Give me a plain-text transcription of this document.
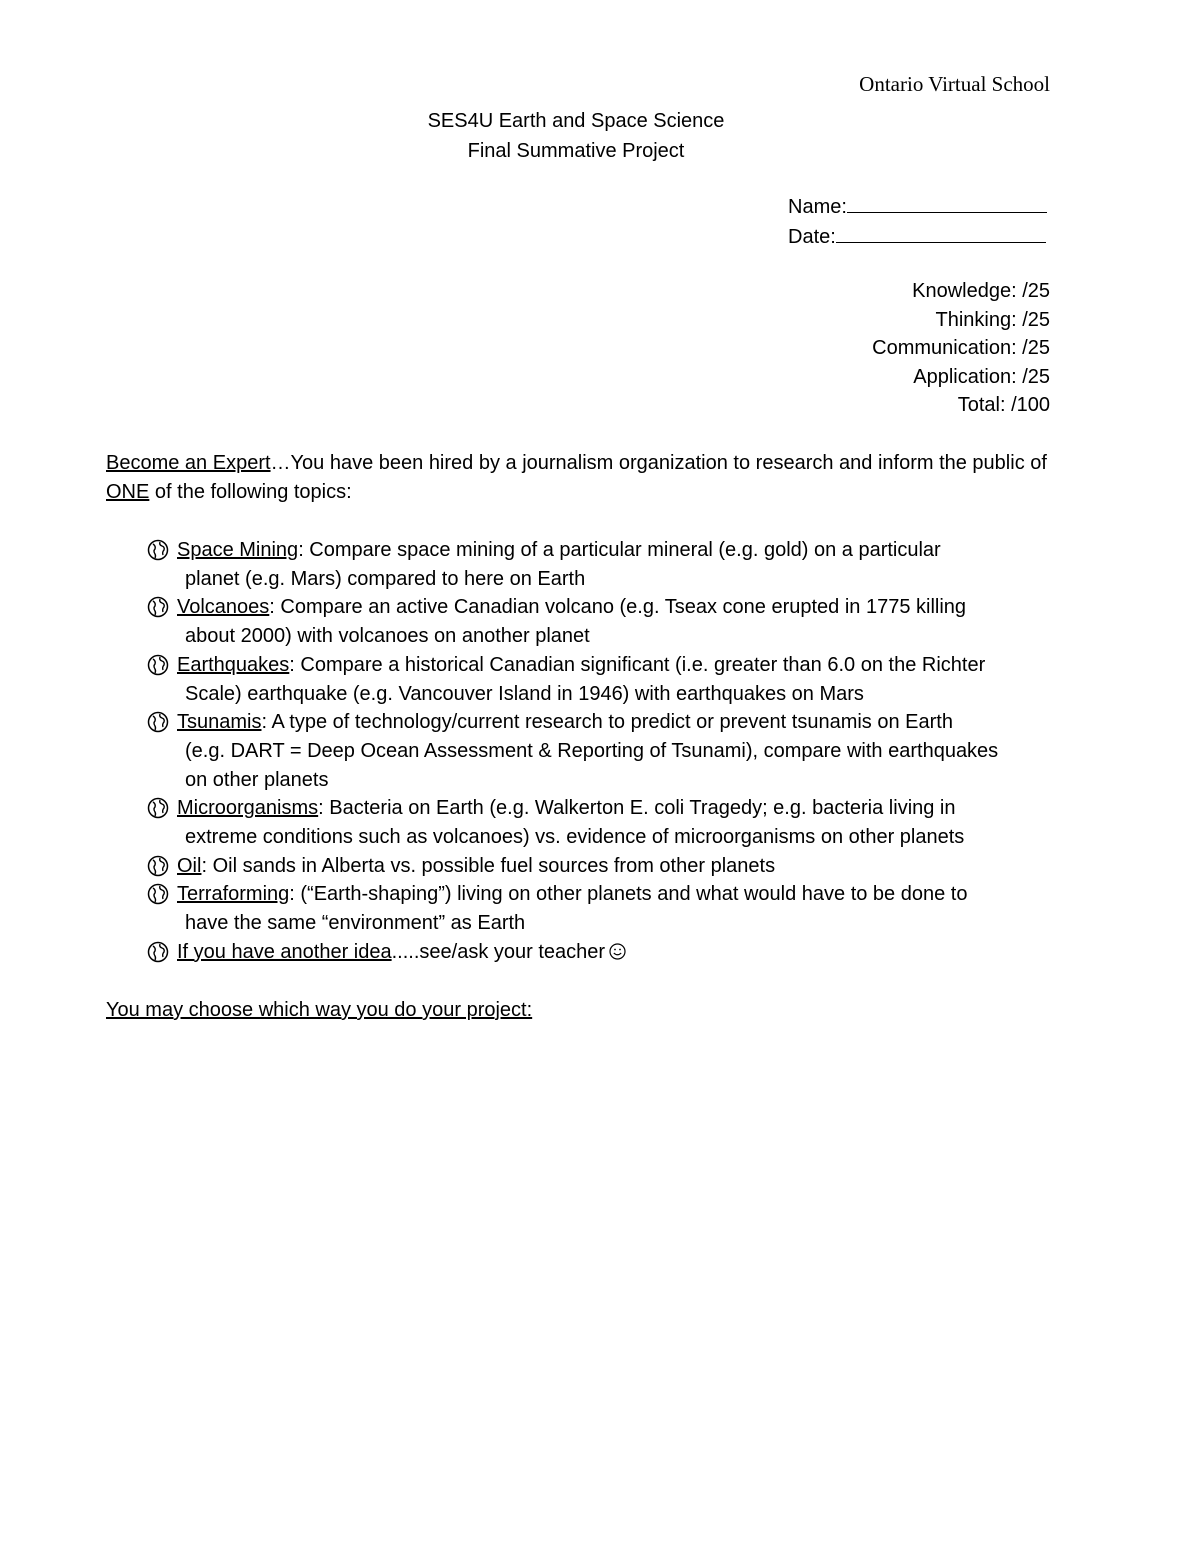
Ontario Virtual School
SES4U Earth and Space Science
Final Summative Project
Name:
Date:
Knowledge: /25
Thinking: /25
Communication: /25
Application: /25
Total: /100
Become an Expert…You have been hired by a journalism organization to research and inform the public of ONE of the following topics:
Space Mining: Compare space mining of a particular mineral (e.g. gold) on a particular
planet (e.g. Mars) compared to here on Earth
Volcanoes: Compare an active Canadian volcano (e.g. Tseax cone erupted in 1775 killing
about 2000) with volcanoes on another planet
Earthquakes: Compare a historical Canadian significant (i.e. greater than 6.0 on the Richter
Scale) earthquake (e.g. Vancouver Island in 1946) with earthquakes on Mars
Tsunamis: A type of technology/current research to predict or prevent tsunamis on Earth
(e.g. DART = Deep Ocean Assessment & Reporting of Tsunami), compare with earthquakes
on other planets
Microorganisms: Bacteria on Earth (e.g. Walkerton E. coli Tragedy; e.g. bacteria living in
extreme conditions such as volcanoes) vs. evidence of microorganisms on other planets
Oil: Oil sands in Alberta vs. possible fuel sources from other planets
Terraforming: (“Earth-shaping”) living on other planets and what would have to be done to
have the same “environment” as Earth
If you have another idea.....see/ask your teacher
You may choose which way you do your project:
